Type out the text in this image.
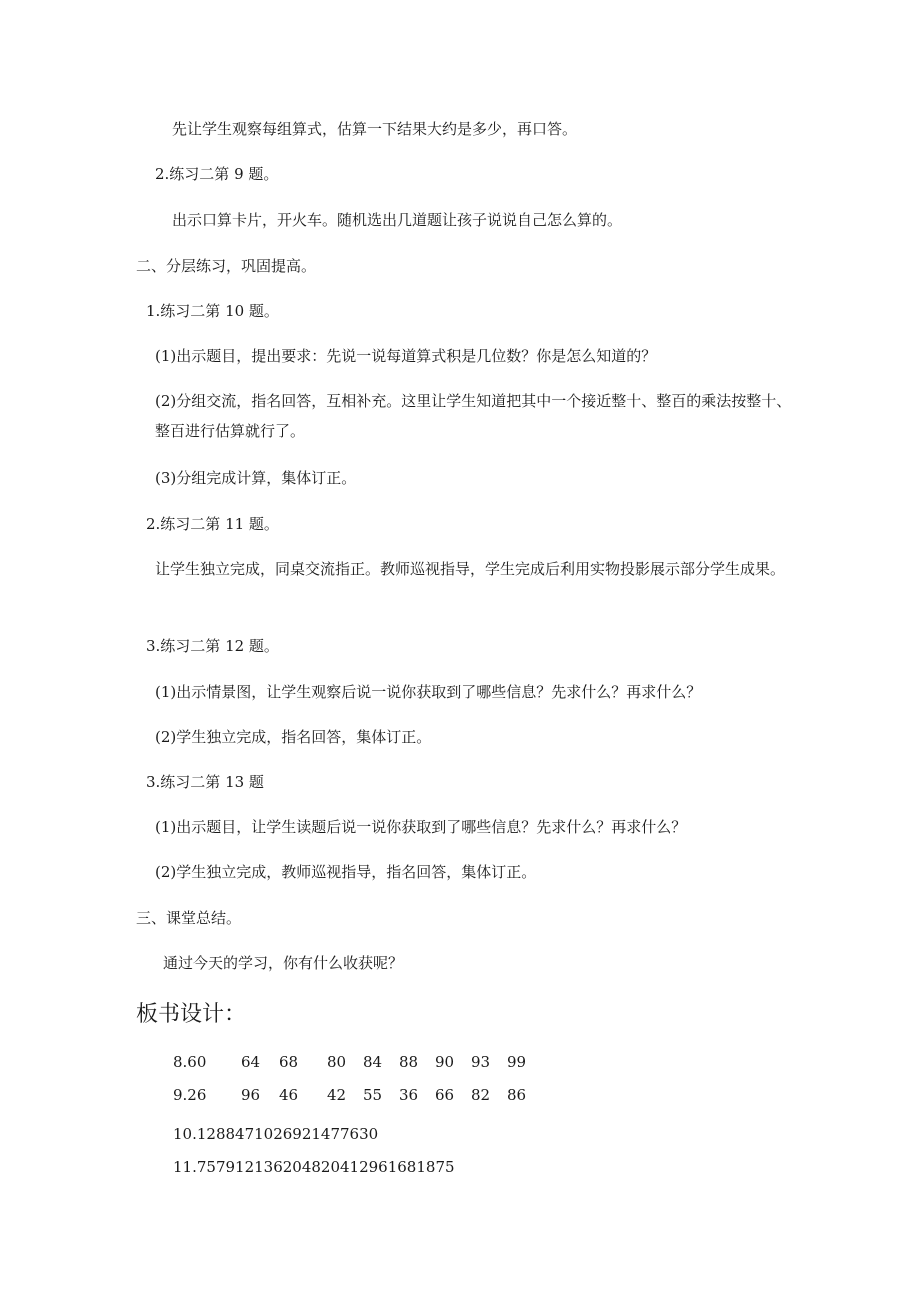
先让学生观察每组算式，估算一下结果大约是多少，再口答。
2.练习二第 9 题。
出示口算卡片，开火车。随机选出几道题让孩子说说自己怎么算的。
二、分层练习，巩固提高。
1.练习二第 10 题。
(1)出示题目，提出要求：先说一说每道算式积是几位数？你是怎么知道的？
(2)分组交流，指名回答，互相补充。这里让学生知道把其中一个接近整十、整百的乘法按整十、整百进行估算就行了。
(3)分组完成计算，集体订正。
2.练习二第 11 题。
让学生独立完成，同桌交流指正。教师巡视指导，学生完成后利用实物投影展示部分学生成果。
3.练习二第 12 题。
(1)出示情景图，让学生观察后说一说你获取到了哪些信息？先求什么？再求什么？
(2)学生独立完成，指名回答，集体订正。
3.练习二第 13 题
(1)出示题目，让学生读题后说一说你获取到了哪些信息？先求什么？再求什么？
(2)学生独立完成，教师巡视指导，指名回答，集体订正。
三、课堂总结。
通过今天的学习，你有什么收获呢？
板书设计：
8.60 64 68 80 84 88 90 93 99
9.26 96 46 42 55 36 66 82 86
10.1288471026921477630
11.757912136204820412961681875
